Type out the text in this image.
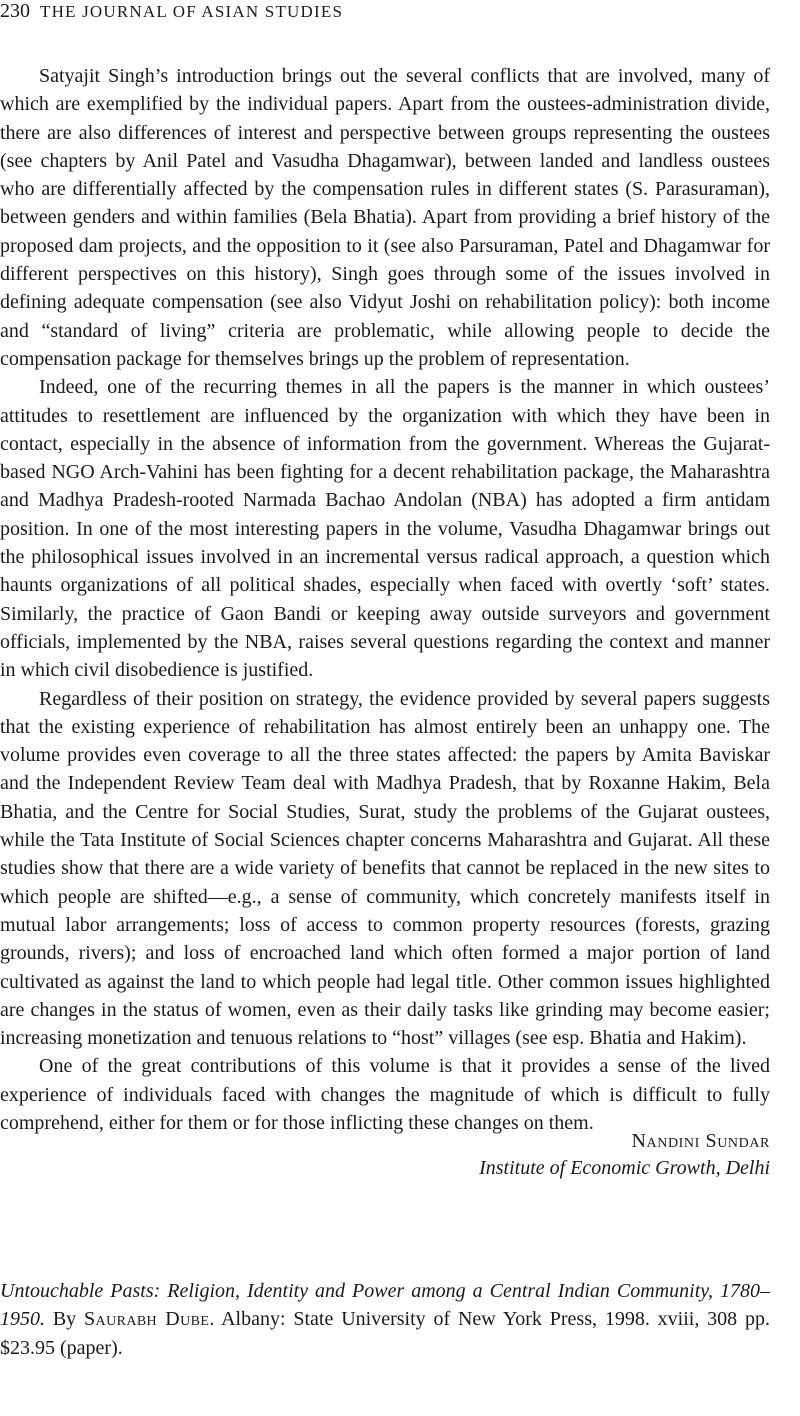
230 THE JOURNAL OF ASIAN STUDIES

Satyajit Singh’s introduction brings out the several conflicts that are involved, many of which are exemplified by the individual papers. Apart from the oustees-administration divide, there are also differences of interest and perspective between groups representing the oustees (see chapters by Anil Patel and Vasudha Dhagamwar), between landed and landless oustees who are differentially affected by the compensation rules in different states (S. Parasuraman), between genders and within families (Bela Bhatia). Apart from providing a brief history of the proposed dam projects, and the opposition to it (see also Parsuraman, Patel and Dhagamwar for different perspectives on this history), Singh goes through some of the issues involved in defining adequate compensation (see also Vidyut Joshi on rehabilitation policy): both income and “standard of living” criteria are problematic, while allowing people to decide the compensation package for themselves brings up the problem of representation.

Indeed, one of the recurring themes in all the papers is the manner in which oustees’ attitudes to resettlement are influenced by the organization with which they have been in contact, especially in the absence of information from the government. Whereas the Gujarat-based NGO Arch-Vahini has been fighting for a decent rehabilitation package, the Maharashtra and Madhya Pradesh-rooted Narmada Bachao Andolan (NBA) has adopted a firm antidam position. In one of the most interesting papers in the volume, Vasudha Dhagamwar brings out the philosophical issues involved in an incremental versus radical approach, a question which haunts organizations of all political shades, especially when faced with overtly ‘soft’ states. Similarly, the practice of Gaon Bandi or keeping away outside surveyors and government officials, implemented by the NBA, raises several questions regarding the context and manner in which civil disobedience is justified.

Regardless of their position on strategy, the evidence provided by several papers suggests that the existing experience of rehabilitation has almost entirely been an unhappy one. The volume provides even coverage to all the three states affected: the papers by Amita Baviskar and the Independent Review Team deal with Madhya Pradesh, that by Roxanne Hakim, Bela Bhatia, and the Centre for Social Studies, Surat, study the problems of the Gujarat oustees, while the Tata Institute of Social Sciences chapter concerns Maharashtra and Gujarat. All these studies show that there are a wide variety of benefits that cannot be replaced in the new sites to which people are shifted—e.g., a sense of community, which concretely manifests itself in mutual labor arrangements; loss of access to common property resources (forests, grazing grounds, rivers); and loss of encroached land which often formed a major portion of land cultivated as against the land to which people had legal title. Other common issues highlighted are changes in the status of women, even as their daily tasks like grinding may become easier; increasing monetization and tenuous relations to “host” villages (see esp. Bhatia and Hakim).

One of the great contributions of this volume is that it provides a sense of the lived experience of individuals faced with changes the magnitude of which is difficult to fully comprehend, either for them or for those inflicting these changes on them.

Nandini Sundar
Institute of Economic Growth, Delhi
Untouchable Pasts: Religion, Identity and Power among a Central Indian Community, 1780–1950. By Saurabh Dube. Albany: State University of New York Press, 1998. xviii, 308 pp. $23.95 (paper).
